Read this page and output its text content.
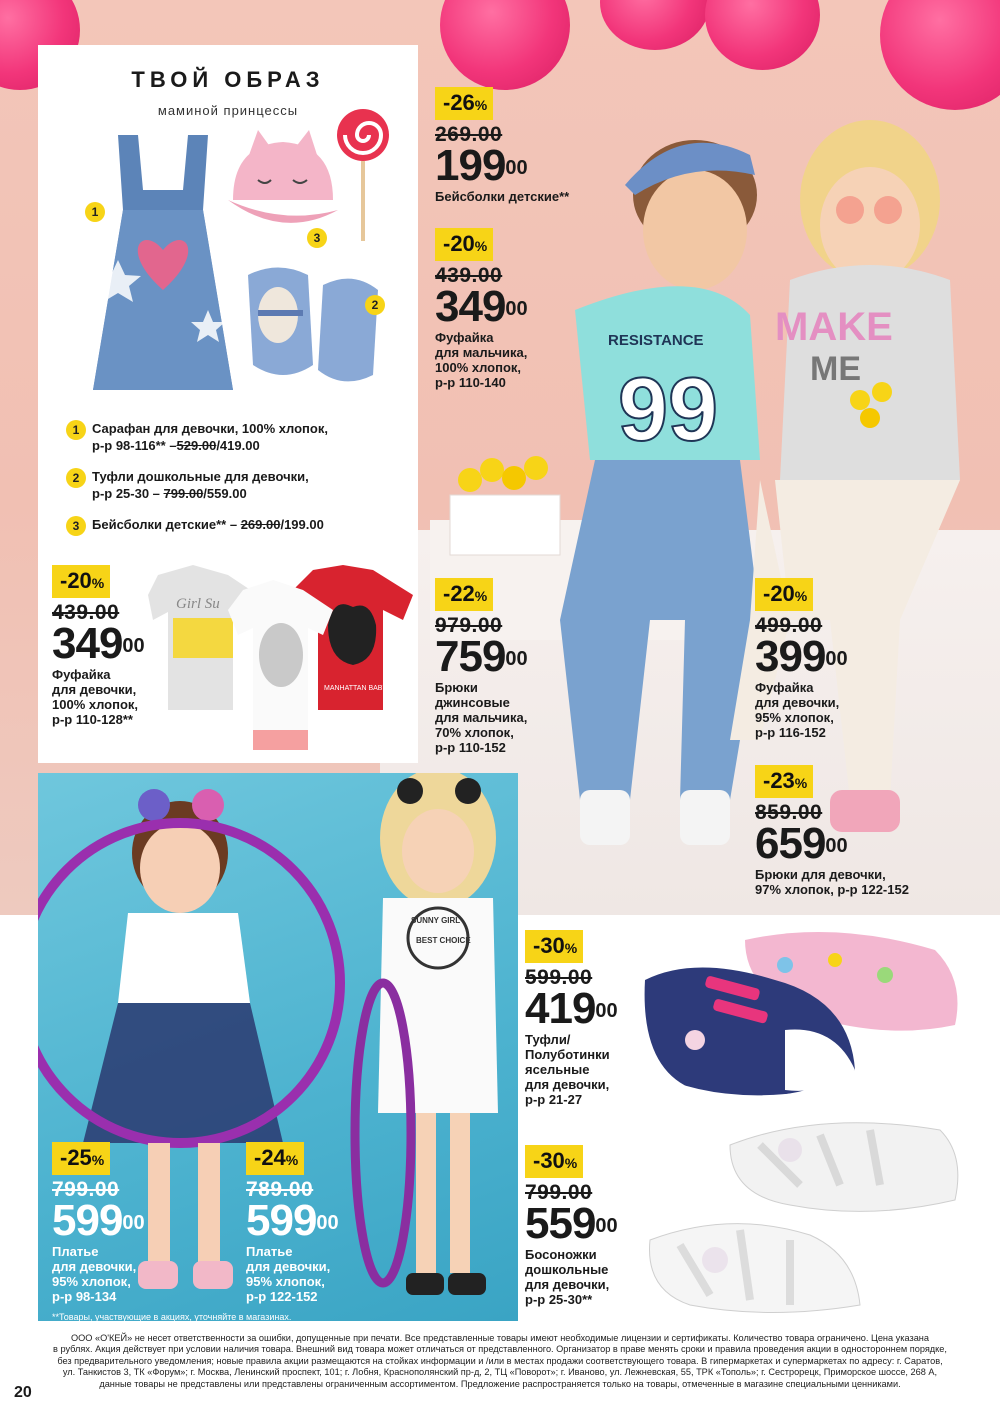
RESISTANCE
99
MAKE
ME
SUNNY GIRL
BEST CHOICE
ТВОЙ ОБРАЗ
маминой принцессы
1
3
2
1 Сарафан для девочки, 100% хлопок,
р-р 98-116** –529.00/419.00
2 Туфли дошкольные для девочки,
р-р 25-30 – 799.00/559.00
3 Бейсболки детские** – 269.00/199.00
MANHATTAN BABY!
Girl Su
-26%
269.00
$199^{00}$
Бейсболки детские**
-20%
439.00
$349^{00}$
Фуфайка
для мальчика,
100% хлопок,
р-р 110-140
-20%
439.00
$349^{00}$
Фуфайка
для девочки,
100% хлопок,
р-р 110-128**
-22%
979.00
$759^{00}$
Брюки
джинсовые
для мальчика,
70% хлопок,
р-р 110-152
-20%
499.00
$399^{00}$
Фуфайка
для девочки,
95% хлопок,
р-р 116-152
-23%
859.00
$659^{00}$
Брюки для девочки,
97% хлопок, р-р 122-152
-30%
599.00
$419^{00}$
Туфли/
Полуботинки
ясельные
для девочки,
р-р 21-27
-30%
799.00
$559^{00}$
Босоножки
дошкольные
для девочки,
р-р 25-30**
-25%
799.00
$599^{00}$
Платье
для девочки,
95% хлопок,
р-р 98-134
-24%
789.00
$599^{00}$
Платье
для девочки,
95% хлопок,
р-р 122-152
**Товары, участвующие в акциях, уточняйте в магазинах.
ООО «О'КЕЙ» не несет ответственности за ошибки, допущенные при печати. Все представленные товары имеют необходимые лицензии и сертификаты. Количество товара ограничено. Цена указана
в рублях. Акция действует при условии наличия товара. Внешний вид товара может отличаться от представленного. Организатор в праве менять сроки и правила проведения акции в одностороннем порядке,
без предварительного уведомления; новые правила акции размещаются на стойках информации и /или в местах продажи соответствующего товара. В гипермаркетах и супермаркетах по адресу: г. Саратов,
ул. Танкистов 3, ТК «Форум»; г. Москва, Ленинский проспект, 101; г. Лобня, Краснополянский пр-д, 2, ТЦ «Поворот»; г. Иваново, ул. Лежневская, 55, ТРК «Тополь»; г. Сестрорецк, Приморское шоссе, 268 А,
данные товары не представлены или представлены ограниченным ассортиментом. Предложение распространяется только на товары, отмеченные в магазине специальными ценниками.
20
